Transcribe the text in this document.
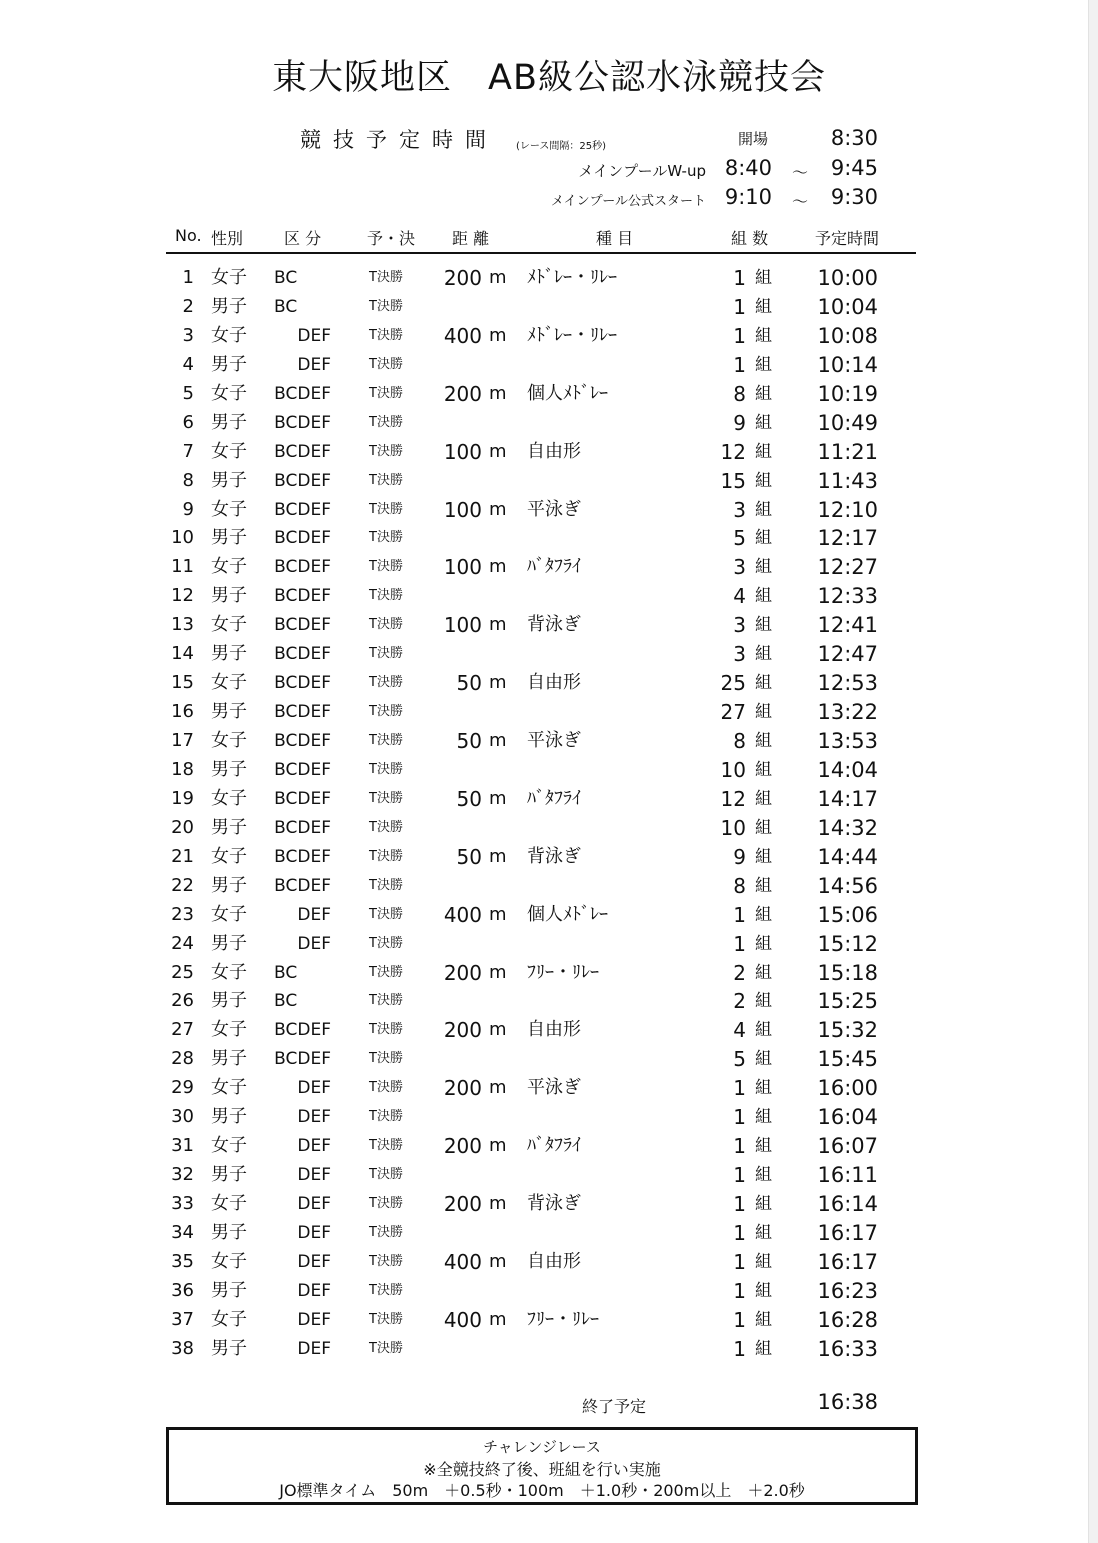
東大阪地区　AB級公認水泳競技会
競技予定時間 (レース間隔：25秒)	開場	8:30
メインプールW-up 8:40 ～	9:45
メインプール公式スタート 9:10 ～	9:30
No. 性別	区 分	予・決 距 離	種 目	組 数	予定時間
1 女子 BC	T決勝	200 m ﾒﾄﾞﾚｰ・ﾘﾚｰ	1 組	10:00
2 男子 BC	T決勝	1 組	10:04
3 女子	DEF	T決勝	400 m ﾒﾄﾞﾚｰ・ﾘﾚｰ	1 組	10:08
4 男子	DEF	T決勝	1 組	10:14
5 女子 BCDEF	T決勝	200 m 個人ﾒﾄﾞﾚｰ	8 組	10:19
6 男子 BCDEF	T決勝	9 組	10:49
7 女子 BCDEF	T決勝	100 m 自由形	12 組	11:21
8 男子 BCDEF	T決勝	15 組	11:43
9 女子 BCDEF	T決勝	100 m 平泳ぎ	3 組	12:10
10 男子 BCDEF	T決勝	5 組	12:17
11 女子 BCDEF	T決勝	100 m ﾊﾞﾀﾌﾗｲ	3 組	12:27
12 男子 BCDEF	T決勝	4 組	12:33
13 女子 BCDEF	T決勝	100 m 背泳ぎ	3 組	12:41
14 男子 BCDEF	T決勝	3 組	12:47
15 女子 BCDEF	T決勝	50 m 自由形	25 組	12:53
16 男子 BCDEF	T決勝	27 組	13:22
17 女子 BCDEF	T決勝	50 m 平泳ぎ	8 組	13:53
18 男子 BCDEF	T決勝	10 組	14:04
19 女子 BCDEF	T決勝	50 m ﾊﾞﾀﾌﾗｲ	12 組	14:17
20 男子 BCDEF	T決勝	10 組	14:32
21 女子 BCDEF	T決勝	50 m 背泳ぎ	9 組	14:44
22 男子 BCDEF	T決勝	8 組	14:56
23 女子	DEF	T決勝	400 m 個人ﾒﾄﾞﾚｰ	1 組	15:06
24 男子	DEF	T決勝	1 組	15:12
25 女子 BC	T決勝	200 m ﾌﾘｰ・ﾘﾚｰ	2 組	15:18
26 男子 BC	T決勝	2 組	15:25
27 女子 BCDEF	T決勝	200 m 自由形	4 組	15:32
28 男子 BCDEF	T決勝	5 組	15:45
29 女子	DEF	T決勝	200 m 平泳ぎ	1 組	16:00
30 男子	DEF	T決勝	1 組	16:04
31 女子	DEF	T決勝	200 m ﾊﾞﾀﾌﾗｲ	1 組	16:07
32 男子	DEF	T決勝	1 組	16:11
33 女子	DEF	T決勝	200 m 背泳ぎ	1 組	16:14
34 男子	DEF	T決勝	1 組	16:17
35 女子	DEF	T決勝	400 m 自由形	1 組	16:17
36 男子	DEF	T決勝	1 組	16:23
37 女子	DEF	T決勝	400 m ﾌﾘｰ・ﾘﾚｰ	1 組	16:28
38 男子	DEF	T決勝	1 組	16:33
終了予定	16:38
チャレンジレース
※全競技終了後、班組を行い実施
JO標準タイム　50m　＋0.5秒・100m　＋1.0秒・200m以上　＋2.0秒
